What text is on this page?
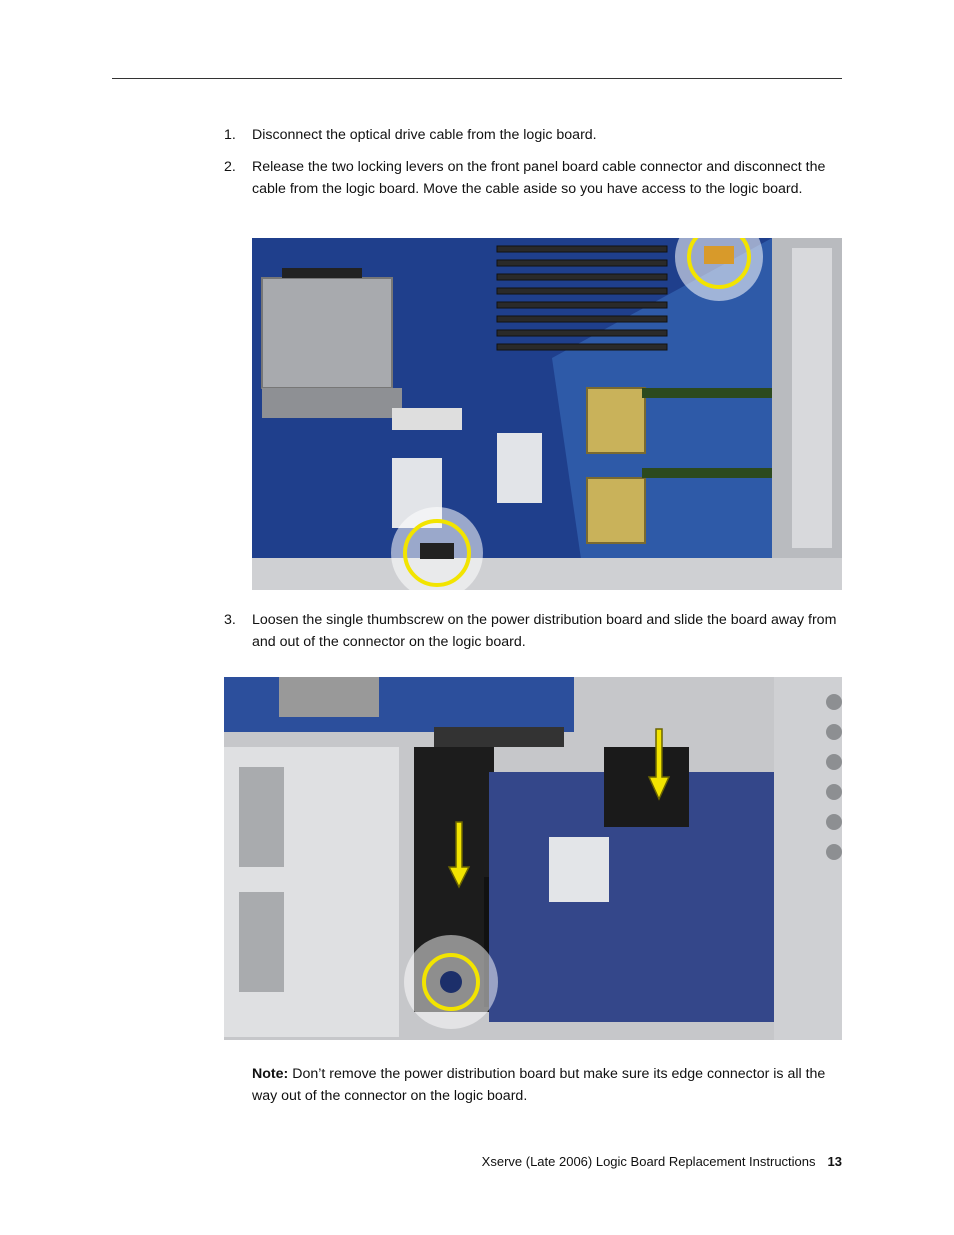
1. Disconnect the optical drive cable from the logic board.
2. Release the two locking levers on the front panel board cable connector and disconnect the cable from the logic board. Move the cable aside so you have access to the logic board.
3. Loosen the single thumbscrew on the power distribution board and slide the board away from and out of the connector on the logic board.
Note: Don’t remove the power distribution board but make sure its edge connector is all the way out of the connector on the logic board.
Xserve (Late 2006) Logic Board Replacement Instructions 13
